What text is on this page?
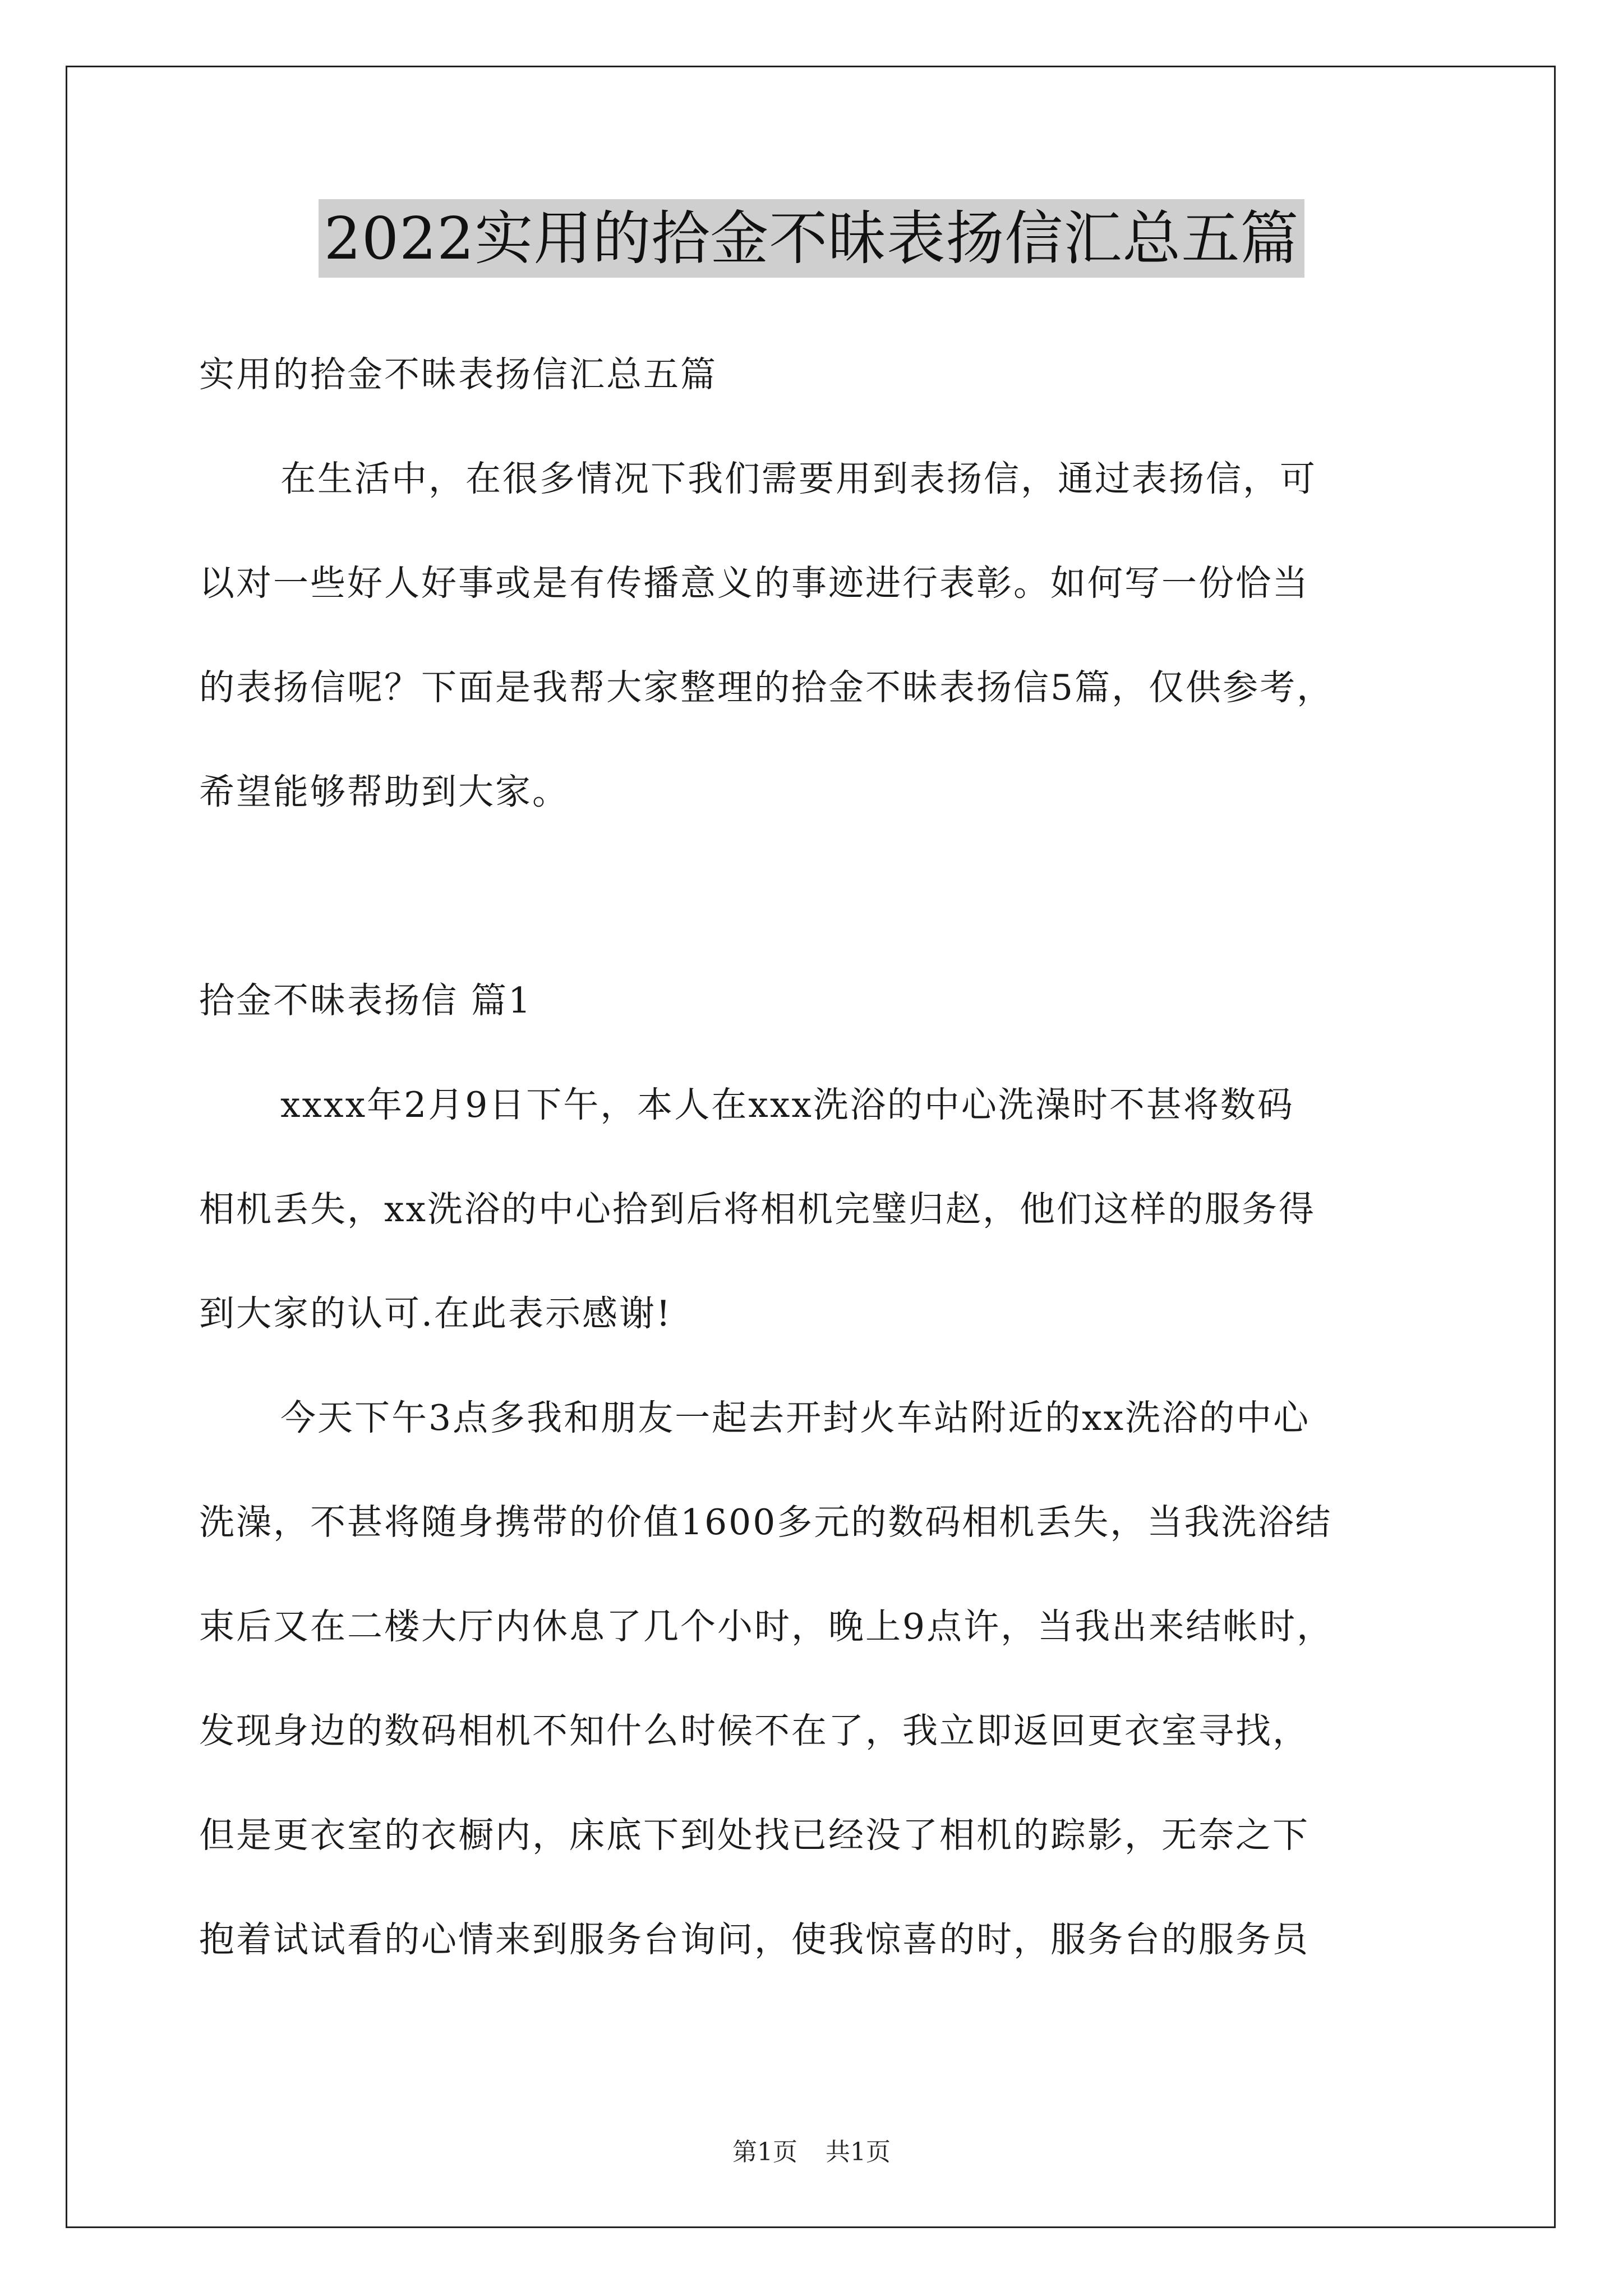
2022实用的拾金不昧表扬信汇总五篇

实用的拾金不昧表扬信汇总五篇

在生活中，在很多情况下我们需要用到表扬信，通过表扬信，可

以对一些好人好事或是有传播意义的事迹进行表彰。如何写一份恰当

的表扬信呢？下面是我帮大家整理的拾金不昧表扬信5篇，仅供参考，

希望能够帮助到大家。

拾金不昧表扬信 篇1

xxxx年2月9日下午，本人在xxx洗浴的中心洗澡时不甚将数码

相机丢失，xx洗浴的中心拾到后将相机完璧归赵，他们这样的服务得

到大家的认可.在此表示感谢!

今天下午3点多我和朋友一起去开封火车站附近的xx洗浴的中心

洗澡，不甚将随身携带的价值1600多元的数码相机丢失，当我洗浴结

束后又在二楼大厅内休息了几个小时，晚上9点许，当我出来结帐时，

发现身边的数码相机不知什么时候不在了，我立即返回更衣室寻找，

但是更衣室的衣橱内，床底下到处找已经没了相机的踪影，无奈之下

抱着试试看的心情来到服务台询问，使我惊喜的时，服务台的服务员

第1页 共1页
